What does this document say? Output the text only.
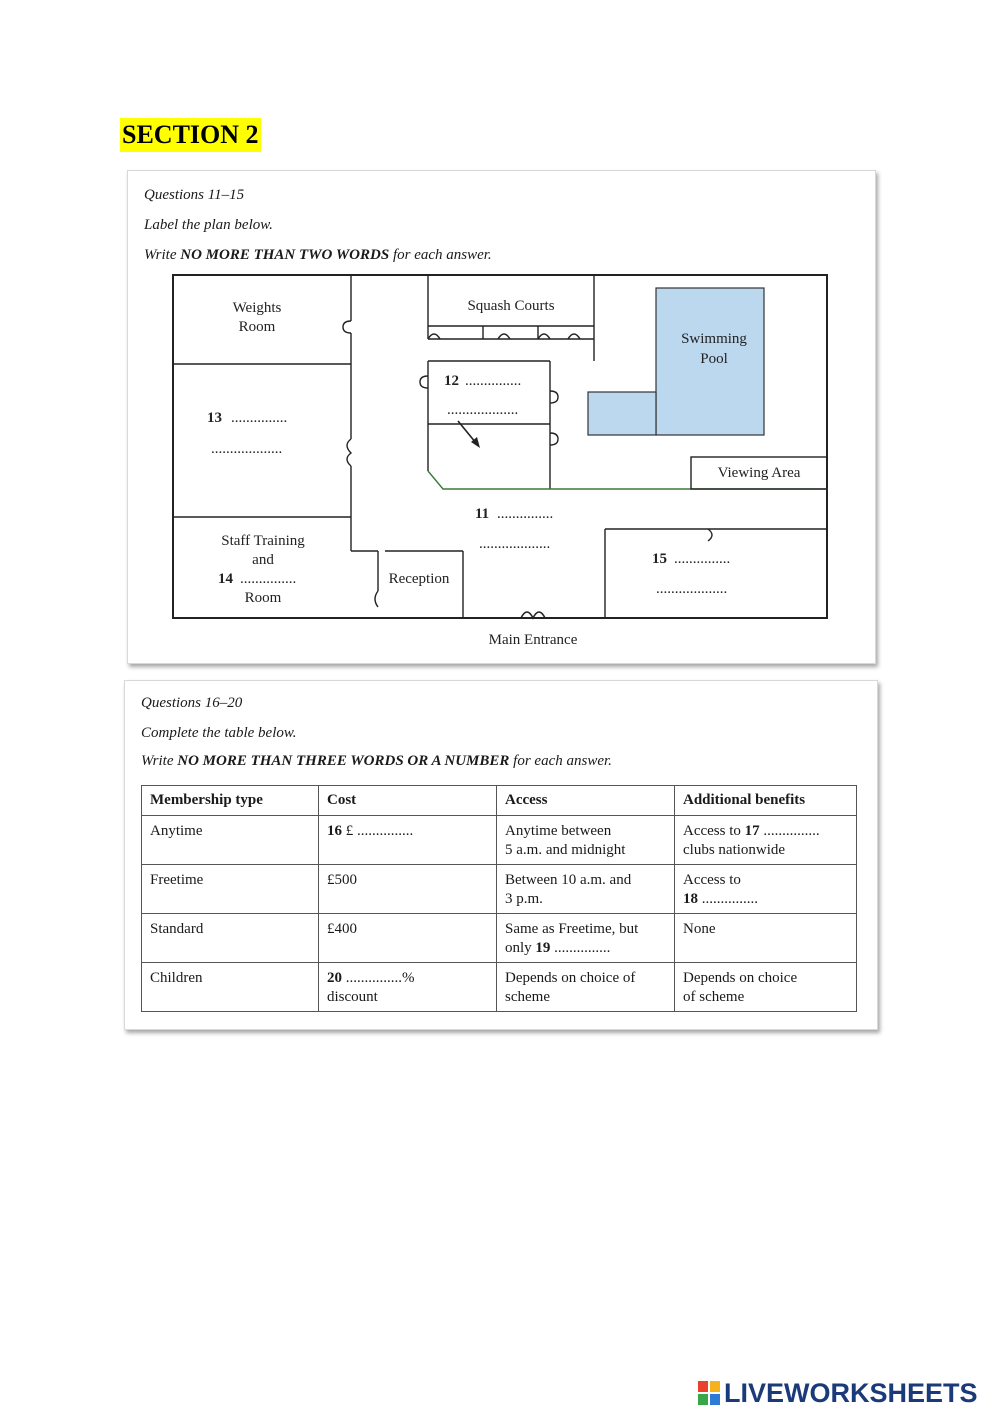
SECTION 2
Questions 11–15
Label the plan below.
Write NO MORE THAN TWO WORDS for each answer.
Weights
Room
Squash Courts
Swimming
Pool
Viewing Area
12 ...............
...................
13 ...............
...................
11 ...............
...................
15 ...............
...................
Staff Training
and
14 ...............
Room
Reception
Main Entrance
Questions 16–20
Complete the table below.
Write NO MORE THAN THREE WORDS OR A NUMBER for each answer.
Membership type	Cost	Access	Additional benefits
Anytime	16 £ ...............	Anytime between
5 a.m. and midnight	Access to 17 ...............
clubs nationwide
Freetime	£500	Between 10 a.m. and
3 p.m.	Access to
18 ...............
Standard	£400	Same as Freetime, but
only 19 ...............	None
Children	20 ...............%
discount	Depends on choice of
scheme	Depends on choice
of scheme
LIVEWORKSHEETS
